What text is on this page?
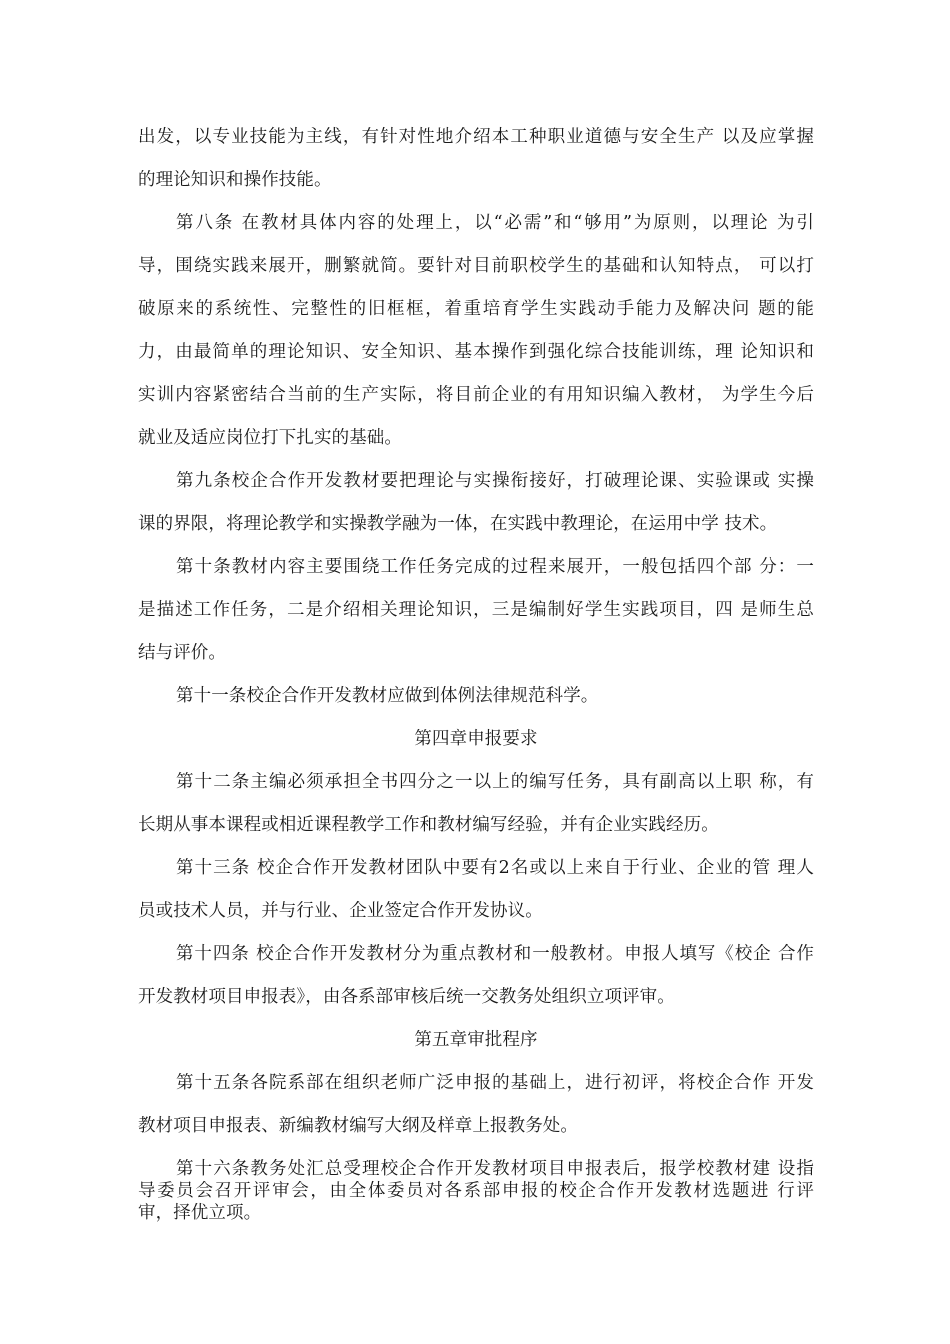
出发，以专业技能为主线，有针对性地介绍本工种职业道德与安全生产 以及应掌握
的理论知识和操作技能。
第八条 在教材具体内容的处理上，以“必需”和“够用”为原则，以理论 为引
导，围绕实践来展开，删繁就简。要针对目前职校学生的基础和认知特点， 可以打
破原来的系统性、完整性的旧框框，着重培育学生实践动手能力及解决问 题的能
力，由最简单的理论知识、安全知识、基本操作到强化综合技能训练，理 论知识和
实训内容紧密结合当前的生产实际，将目前企业的有用知识编入教材， 为学生今后
就业及适应岗位打下扎实的基础。
第九条校企合作开发教材要把理论与实操衔接好，打破理论课、实验课或 实操
课的界限，将理论教学和实操教学融为一体，在实践中教理论，在运用中学 技术。
第十条教材内容主要围绕工作任务完成的过程来展开，一般包括四个部 分：一
是描述工作任务，二是介绍相关理论知识，三是编制好学生实践项目，四 是师生总
结与评价。
第十一条校企合作开发教材应做到体例法律规范科学。
第四章申报要求
第十二条主编必须承担全书四分之一以上的编写任务，具有副高以上职 称，有
长期从事本课程或相近课程教学工作和教材编写经验，并有企业实践经历。
第十三条 校企合作开发教材团队中要有2名或以上来自于行业、企业的管 理人
员或技术人员，并与行业、企业签定合作开发协议。
第十四条 校企合作开发教材分为重点教材和一般教材。申报人填写《校企 合作
开发教材项目申报表》，由各系部审核后统一交教务处组织立项评审。
第五章审批程序
第十五条各院系部在组织老师广泛申报的基础上，进行初评，将校企合作 开发
教材项目申报表、新编教材编写大纲及样章上报教务处。
第十六条教务处汇总受理校企合作开发教材项目申报表后，报学校教材建 设指
导委员会召开评审会，由全体委员对各系部申报的校企合作开发教材选题进 行评
审，择优立项。
